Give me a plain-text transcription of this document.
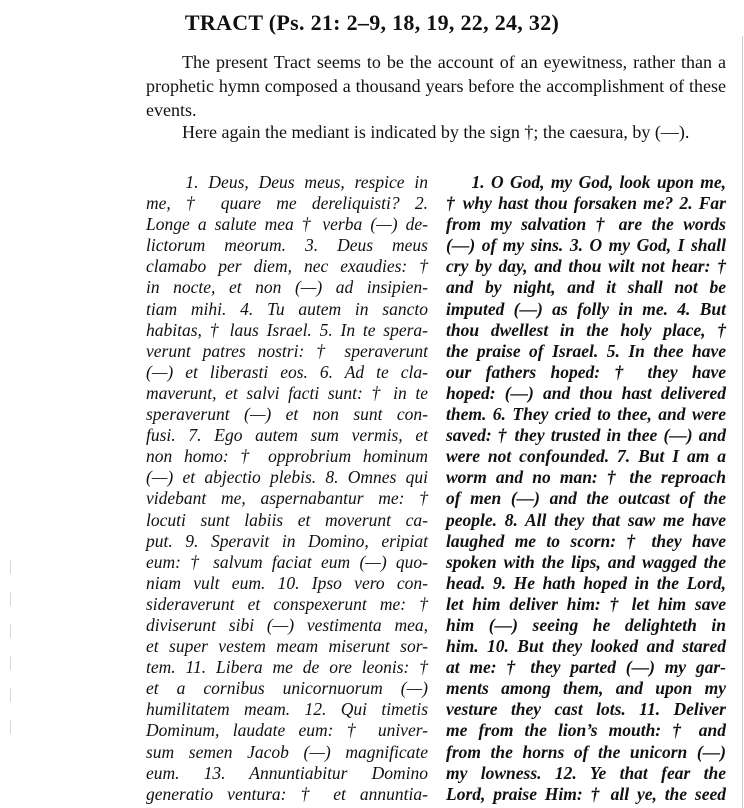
TRACT (Ps. 21: 2–9, 18, 19, 22, 24, 32)

The present Tract seems to be the account of an eyewitness, rather than a prophetic hymn composed a thousand years before the accomplishment of these events.

Here again the mediant is indicated by the sign †; the caesura, by (—).

1. Deus, Deus meus, respice in

me, † quare me dereliquisti? 2.

Longe a salute mea † verba (—) de-

lictorum meorum. 3. Deus meus

clamabo per diem, nec exaudies: †

in nocte, et non (—) ad insipien-

tiam mihi. 4. Tu autem in sancto

habitas, † laus Israel. 5. In te spera-

verunt patres nostri: † speraverunt

(—) et liberasti eos. 6. Ad te cla-

maverunt, et salvi facti sunt: † in te

speraverunt (—) et non sunt con-

fusi. 7. Ego autem sum vermis, et

non homo: † opprobrium hominum

(—) et abjectio plebis. 8. Omnes qui

videbant me, aspernabantur me: †

locuti sunt labiis et moverunt ca-

put. 9. Speravit in Domino, eripiat

eum: † salvum faciat eum (—) quo-

niam vult eum. 10. Ipso vero con-

sideraverunt et conspexerunt me: †

diviserunt sibi (—) vestimenta mea,

et super vestem meam miserunt sor-

tem. 11. Libera me de ore leonis: †

et a cornibus unicornuorum (—)

humilitatem meam. 12. Qui timetis

Dominum, laudate eum: † univer-

sum semen Jacob (—) magnificate

eum. 13. Annuntiabitur Domino

generatio ventura: † et annuntia-

1. O God, my God, look upon me,

† why hast thou forsaken me? 2. Far

from my salvation † are the words

(—) of my sins. 3. O my God, I shall

cry by day, and thou wilt not hear: †

and by night, and it shall not be

imputed (—) as folly in me. 4. But

thou dwellest in the holy place, †

the praise of Israel. 5. In thee have

our fathers hoped: † they have

hoped: (—) and thou hast delivered

them. 6. They cried to thee, and were

saved: † they trusted in thee (—) and

were not confounded. 7. But I am a

worm and no man: † the reproach

of men (—) and the outcast of the

people. 8. All they that saw me have

laughed me to scorn: † they have

spoken with the lips, and wagged the

head. 9. He hath hoped in the Lord,

let him deliver him: † let him save

him (—) seeing he delighteth in

him. 10. But they looked and stared

at me: † they parted (—) my gar-

ments among them, and upon my

vesture they cast lots. 11. Deliver

me from the lion’s mouth: † and

from the horns of the unicorn (—)

my lowness. 12. Ye that fear the

Lord, praise Him: † all ye, the seed
